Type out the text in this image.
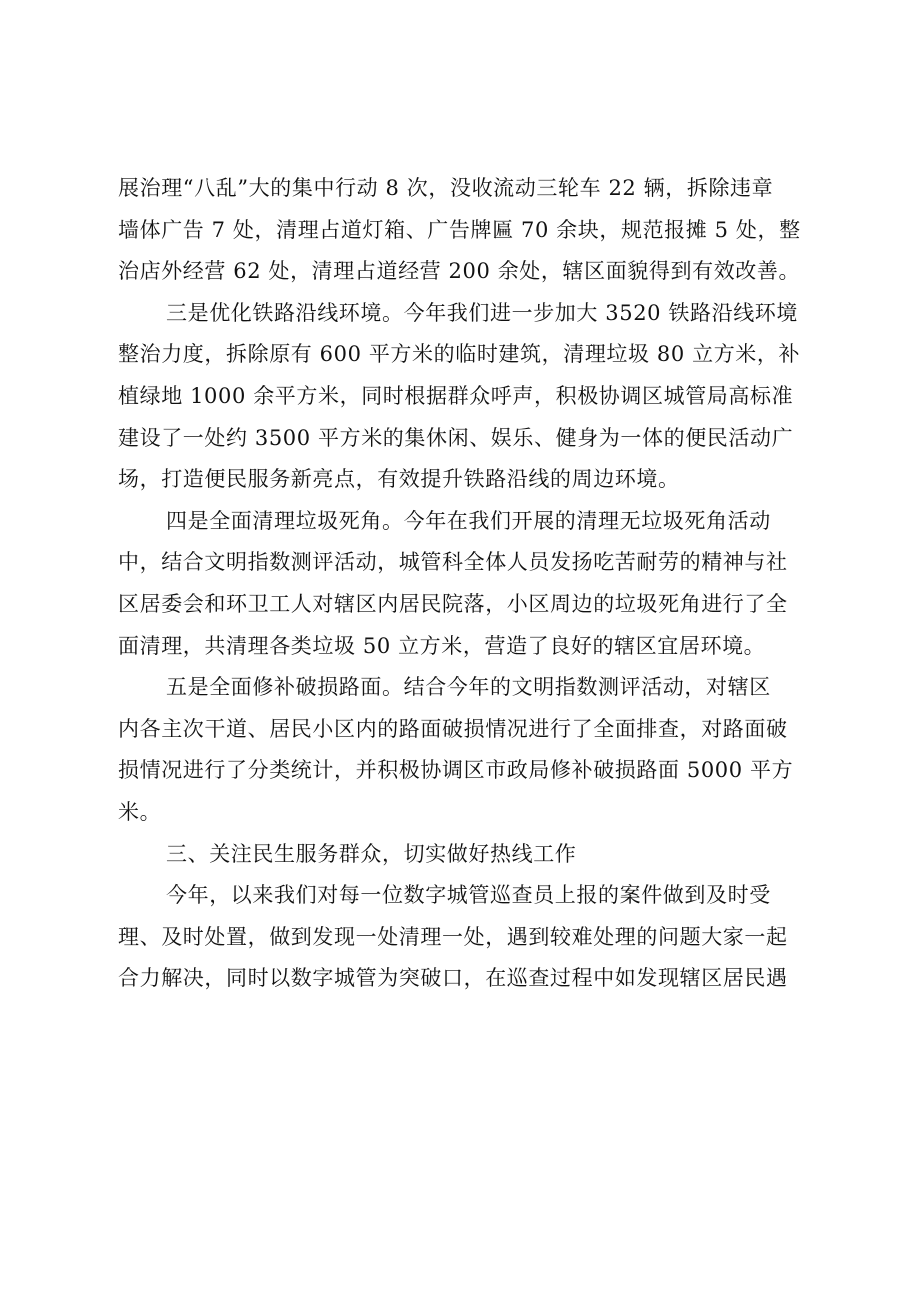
展治理“八乱”大的集中行动 8 次，没收流动三轮车 22 辆，拆除违章
墙体广告 7 处，清理占道灯箱、广告牌匾 70 余块，规范报摊 5 处，整
治店外经营 62 处，清理占道经营 200 余处，辖区面貌得到有效改善。
三是优化铁路沿线环境。今年我们进一步加大 3520 铁路沿线环境
整治力度，拆除原有 600 平方米的临时建筑，清理垃圾 80 立方米，补
植绿地 1000 余平方米，同时根据群众呼声，积极协调区城管局高标准
建设了一处约 3500 平方米的集休闲、娱乐、健身为一体的便民活动广
场，打造便民服务新亮点，有效提升铁路沿线的周边环境。
四是全面清理垃圾死角。今年在我们开展的清理无垃圾死角活动
中，结合文明指数测评活动，城管科全体人员发扬吃苦耐劳的精神与社
区居委会和环卫工人对辖区内居民院落，小区周边的垃圾死角进行了全
面清理，共清理各类垃圾 50 立方米，营造了良好的辖区宜居环境。
五是全面修补破损路面。结合今年的文明指数测评活动，对辖区
内各主次干道、居民小区内的路面破损情况进行了全面排查，对路面破
损情况进行了分类统计，并积极协调区市政局修补破损路面 5000 平方
米。
三、关注民生服务群众，切实做好热线工作
今年，以来我们对每一位数字城管巡查员上报的案件做到及时受
理、及时处置，做到发现一处清理一处，遇到较难处理的问题大家一起
合力解决，同时以数字城管为突破口，在巡查过程中如发现辖区居民遇
